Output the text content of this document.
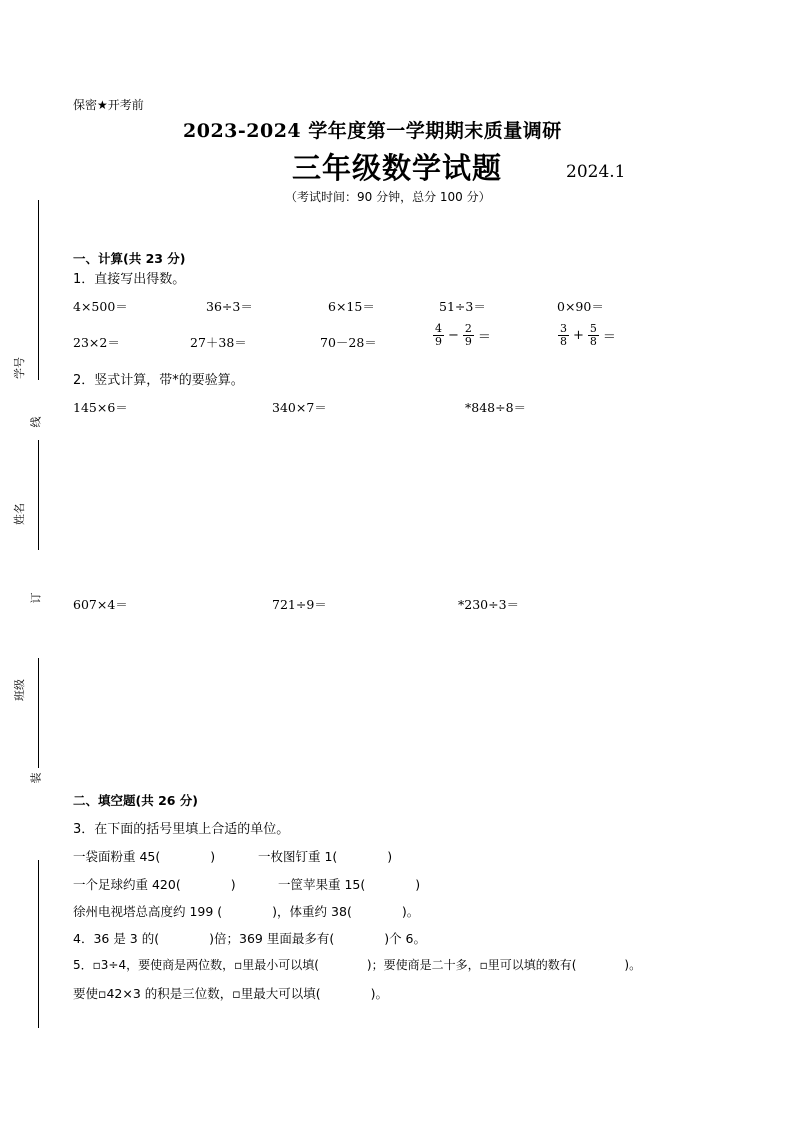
学号
姓名
班级
线
订
装
保密★开考前
2023-2024 学年度第一学期期末质量调研
三年级数学试题	2024.1
（考试时间：90 分钟，总分 100 分）
一、计算(共 23 分)
1．直接写出得数。
4×500＝	36÷3＝	6×15＝	51÷3＝	0×90＝
23×2＝	27＋38＝	70－28＝	$\frac{4}{9} - \frac{2}{9}$ ＝	$\frac{3}{8} + \frac{5}{8}$ ＝
2．竖式计算，带*的要验算。
145×6＝	340×7＝	*848÷8＝
607×4＝	721÷9＝	*230÷3＝
二、填空题(共 26 分)
3．在下面的括号里填上合适的单位。
一袋面粉重 45(　　　　)	一枚图钉重 1(　　　　)
一个足球约重 420(　　　　)	一筐苹果重 15(　　　　)
徐州电视塔总高度约 199 (　　　　)，体重约 38(　　　　)。
4．36 是 3 的(　　　　)倍；369 里面最多有(　　　　)个 6。
5．▫3÷4，要使商是两位数，▫里最小可以填(　　　　)；要使商是二十多，▫里可以填的数有(　　　　)。
要使▫42×3 的积是三位数，▫里最大可以填(　　　　)。
